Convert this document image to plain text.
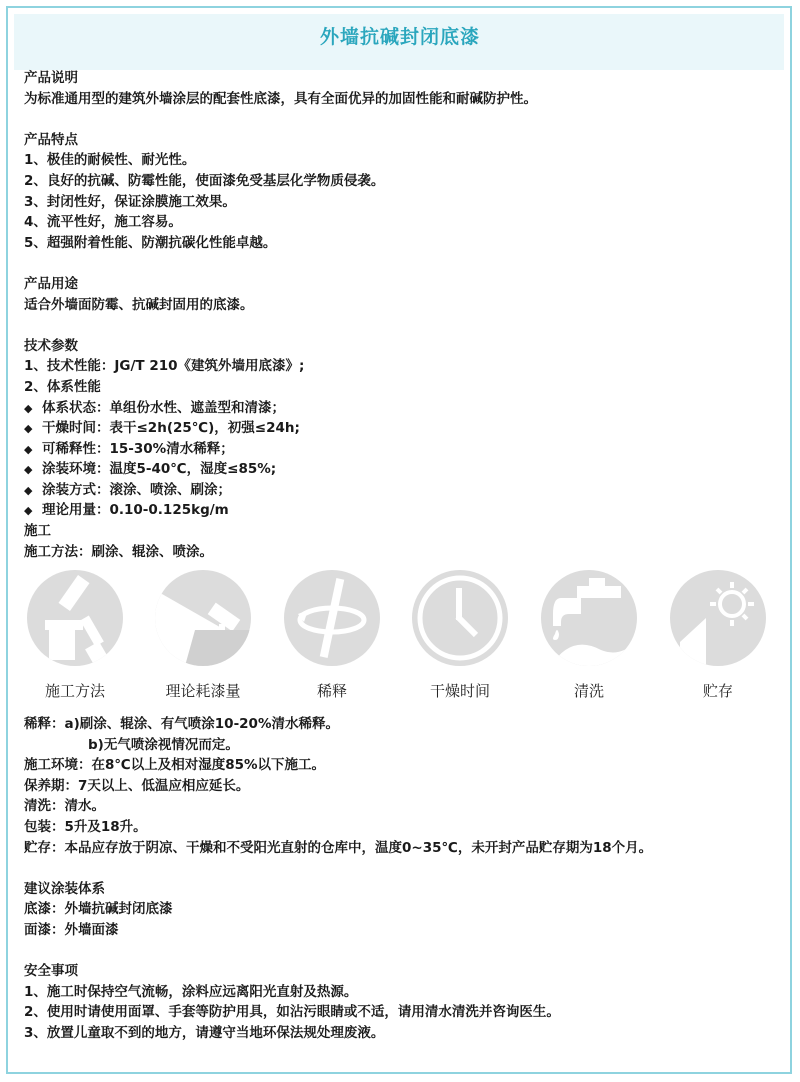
外墙抗碱封闭底漆
产品说明
为标准通用型的建筑外墙涂层的配套性底漆，具有全面优异的加固性能和耐碱防护性。
产品特点
1、极佳的耐候性、耐光性。
2、良好的抗碱、防霉性能，使面漆免受基层化学物质侵袭。
3、封闭性好，保证涂膜施工效果。
4、流平性好，施工容易。
5、超强附着性能、防潮抗碳化性能卓越。
产品用途
适合外墙面防霉、抗碱封固用的底漆。
技术参数
1、技术性能：JG/T 210《建筑外墙用底漆》;
2、体系性能
◆ 体系状态：单组份水性、遮盖型和清漆；
◆ 干燥时间：表干≤2h(25℃)，初强≤24h;
◆ 可稀释性：15-30%清水稀释；
◆ 涂装环境：温度5-40℃，湿度≤85%;
◆ 涂装方式：滚涂、喷涂、刷涂；
◆ 理论用量：0.10-0.125kg/m
施工
施工方法：刷涂、辊涂、喷涂。
施工方法	理论耗漆量	稀释	干燥时间	清洗	贮存
稀释：a)刷涂、辊涂、有气喷涂10-20%清水稀释。
b)无气喷涂视情况而定。
施工环境：在8℃以上及相对湿度85%以下施工。
保养期：7天以上、低温应相应延长。
清洗：清水。
包装：5升及18升。
贮存：本品应存放于阴凉、干燥和不受阳光直射的仓库中，温度0~35℃，未开封产品贮存期为18个月。
建议涂装体系
底漆：外墙抗碱封闭底漆
面漆：外墙面漆
安全事项
1、施工时保持空气流畅，涂料应远离阳光直射及热源。
2、使用时请使用面罩、手套等防护用具，如沾污眼睛或不适，请用清水清洗并咨询医生。
3、放置儿童取不到的地方，请遵守当地环保法规处理废液。
